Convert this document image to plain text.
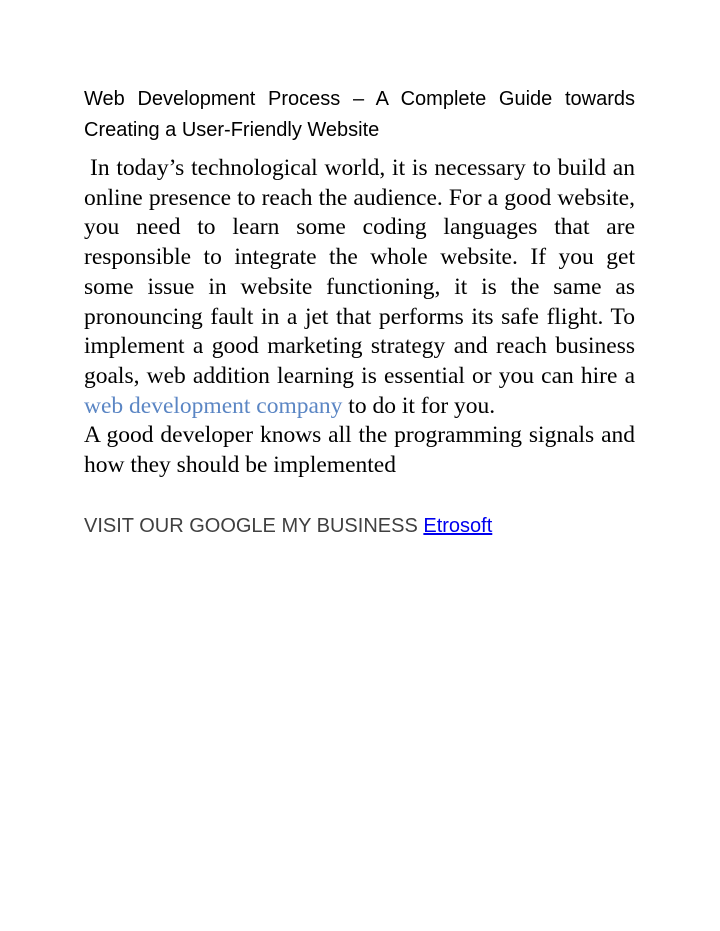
Web Development Process – A Complete Guide towards Creating a User-Friendly Website

In today’s technological world, it is necessary to build an online presence to reach the audience. For a good website, you need to learn some coding languages that are responsible to integrate the whole website. If you get some issue in website functioning, it is the same as pronouncing fault in a jet that performs its safe flight. To implement a good marketing strategy and reach business goals, web addition learning is essential or you can hire a web development company to do it for you.

A good developer knows all the programming signals and how they should be implemented

VISIT OUR GOOGLE MY BUSINESS Etrosoft
